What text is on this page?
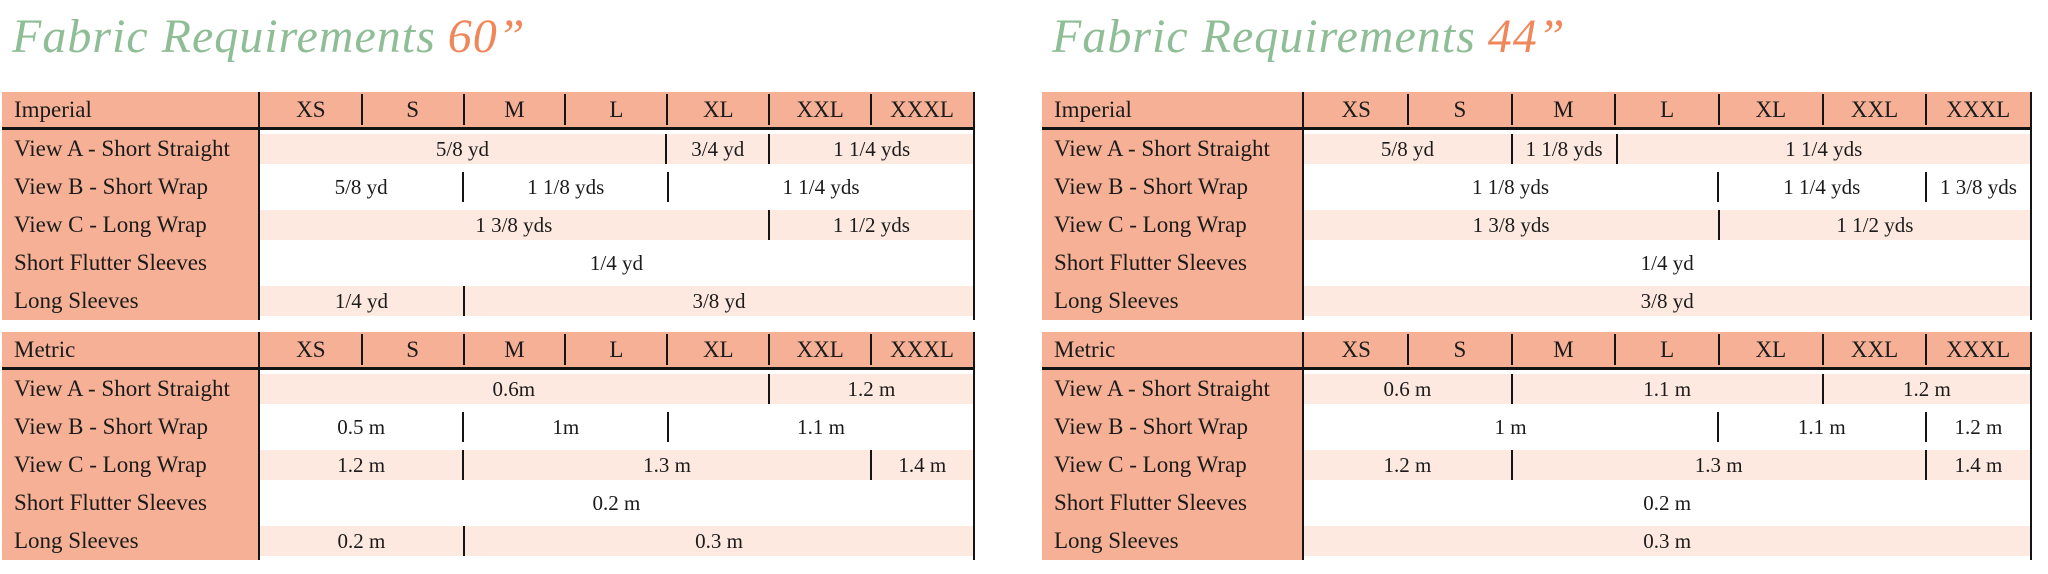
Fabric Requirements 60”
Imperial	XS	S	M	L	XL	XXL	XXXL
View A - Short Straight	5/8 yd	3/4 yd	1 1/4 yds
View B - Short Wrap	5/8 yd	1 1/8 yds	1 1/4 yds
View C - Long Wrap	1 3/8 yds	1 1/2 yds
Short Flutter Sleeves	1/4 yd
Long Sleeves	1/4 yd	3/8 yd
Metric	XS	S	M	L	XL	XXL	XXXL
View A - Short Straight	0.6m	1.2 m
View B - Short Wrap	0.5 m	1m	1.1 m
View C - Long Wrap	1.2 m	1.3 m	1.4 m
Short Flutter Sleeves	0.2 m
Long Sleeves	0.2 m	0.3 m
Fabric Requirements 44”
Imperial	XS	S	M	L	XL	XXL	XXXL
View A - Short Straight	5/8 yd	1 1/8 yds	1 1/4 yds
View B - Short Wrap	1 1/8 yds	1 1/4 yds	1 3/8 yds
View C - Long Wrap	1 3/8 yds	1 1/2 yds
Short Flutter Sleeves	1/4 yd
Long Sleeves	3/8 yd
Metric	XS	S	M	L	XL	XXL	XXXL
View A - Short Straight	0.6 m	1.1 m	1.2 m
View B - Short Wrap	1 m	1.1 m	1.2 m
View C - Long Wrap	1.2 m	1.3 m	1.4 m
Short Flutter Sleeves	0.2 m
Long Sleeves	0.3 m
